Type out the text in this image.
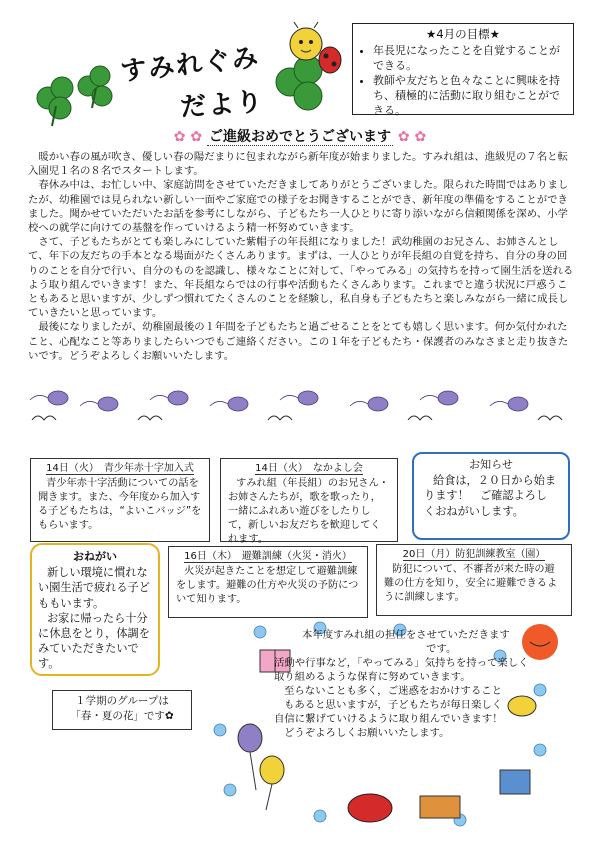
すみれぐみ
だより
★4月の目標★
• 年長児になったことを自覚することができる。
• 教師や友だちと色々なことに興味を持ち、積極的に活動に取り組むことができる。
✿ ✿ ご進級おめでとうございます ✿ ✿

暖かい春の風が吹き、優しい春の陽だまりに包まれながら新年度が始まりました。すみれ組は、進級児の７名と転入園児１名の８名でスタートします。

春休み中は、お忙しい中、家庭訪問をさせていただきましてありがとうございました。限られた時間ではありましたが、幼稚園では見られない新しい一面やご家庭での様子をお聞きすることができ、新年度の準備をすることができました。聞かせていただいたお話を参考にしながら、子どもたち一人ひとりに寄り添いながら信頼関係を深め、小学校への就学に向けての基盤を作っていけるよう精一杯努めていきます。

さて、子どもたちがとても楽しみにしていた紫帽子の年長組になりました！武幼稚園のお兄さん、お姉さんとして、年下の友だちの手本となる場面がたくさんあります。まずは、一人ひとりが年長組の自覚を持ち、自分の身の回りのことを自分で行い、自分のものを認識し、様々なことに対して、「やってみる」の気持ちを持って園生活を送れるよう取り組んでいきます！また、年長組ならではの行事や活動もたくさんあります。これまでと違う状況に戸惑うこともあると思いますが、少しずつ慣れてたくさんのことを経験し，私自身も子どもたちと楽しみながら一緒に成長していきたいと思っています。

最後になりましたが、幼稚園最後の１年間を子どもたちと過ごせることをとても嬉しく思います。何か気付かれたこと、心配なこと等ありましたらいつでもご連絡ください。この１年を子どもたち・保護者のみなさまと走り抜きたいです。どうぞよろしくお願いいたします。

14日（火）　青少年赤十字加入式

青少年赤十字活動についての話を聞きます。また、今年度から加入する子どもたちは，“よいこバッジ”をもらいます。

14日（火）　なかよし会

すみれ組（年長組）のお兄さん・お姉さんたちが，歌を歌ったり，一緒にふれあい遊びをしたりして，新しいお友だちを歓迎してくれます。

お知らせ

給食は，２０日から始まります！　ご確認よろしくおねがいします。

おねがい

新しい環境に慣れない園生活で疲れる子どももいます。

お家に帰ったら十分に休息をとり，体調をみていただきたいです。

16日（木）　避難訓練（火災・消火）

火災が起きたことを想定して避難訓練をします。避難の仕方や火災の予防について知ります。

20日（月）防犯訓練教室（園）

防犯について、不審者が来た時の避難の仕方を知り，安全に避難できるように訓練します。

１学期のグループは
「春・夏の花」です✿
本年度すみれ組の担任をさせていただきます
です。
活動や行事など，「やってみる」気持ちを持って楽しく
取り組めるような保育に努めていきます。
至らないことも多く，ご迷惑をおかけすること
もあると思いますが，子どもたちが毎日楽しく
自信に繋げていけるように取り組んでいきます！
どうぞよろしくお願いいたします。
